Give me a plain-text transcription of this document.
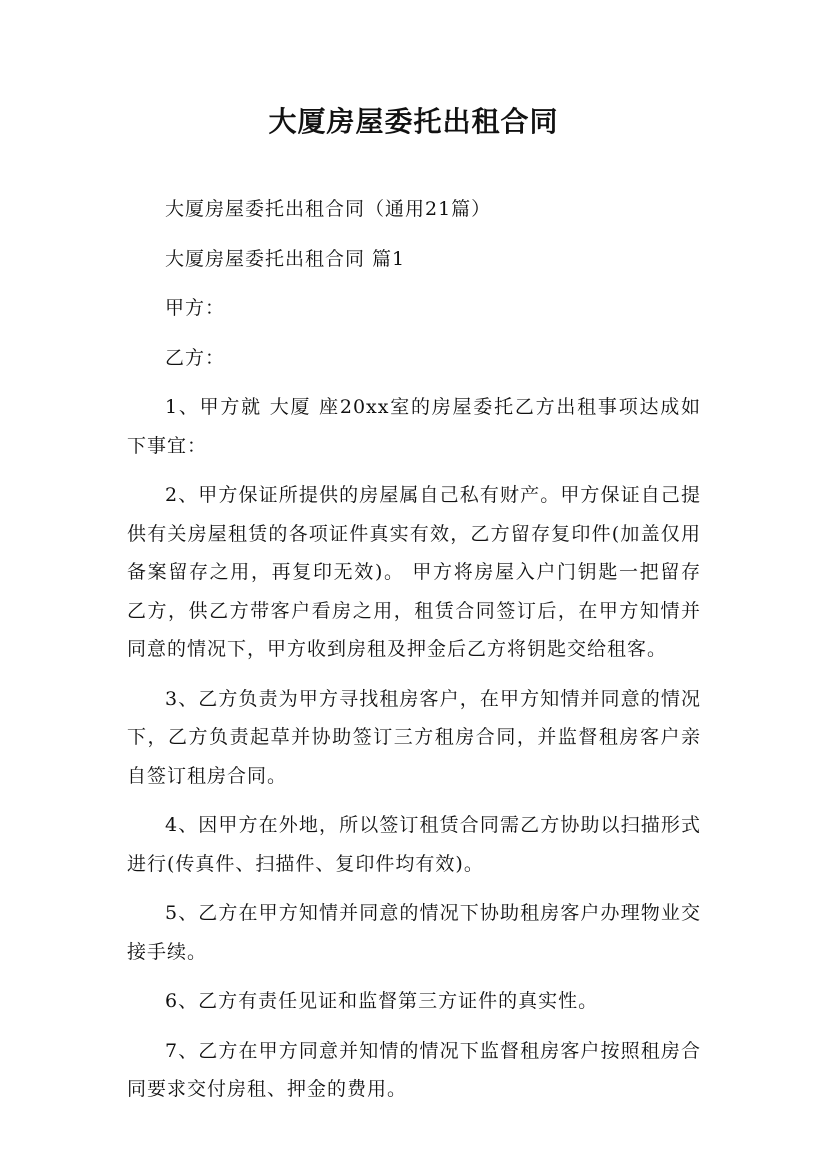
大厦房屋委托出租合同

大厦房屋委托出租合同（通用21篇）

大厦房屋委托出租合同 篇1

甲方：

乙方：

1、甲方就 大厦 座20xx室的房屋委托乙方出租事项达成如下事宜：

2、甲方保证所提供的房屋属自己私有财产。甲方保证自己提供有关房屋租赁的各项证件真实有效，乙方留存复印件(加盖仅用备案留存之用，再复印无效)。 甲方将房屋入户门钥匙一把留存乙方，供乙方带客户看房之用，租赁合同签订后，在甲方知情并同意的情况下，甲方收到房租及押金后乙方将钥匙交给租客。

3、乙方负责为甲方寻找租房客户，在甲方知情并同意的情况下，乙方负责起草并协助签订三方租房合同，并监督租房客户亲自签订租房合同。

4、因甲方在外地，所以签订租赁合同需乙方协助以扫描形式进行(传真件、扫描件、复印件均有效)。

5、乙方在甲方知情并同意的情况下协助租房客户办理物业交接手续。

6、乙方有责任见证和监督第三方证件的真实性。

7、乙方在甲方同意并知情的情况下监督租房客户按照租房合同要求交付房租、押金的费用。
